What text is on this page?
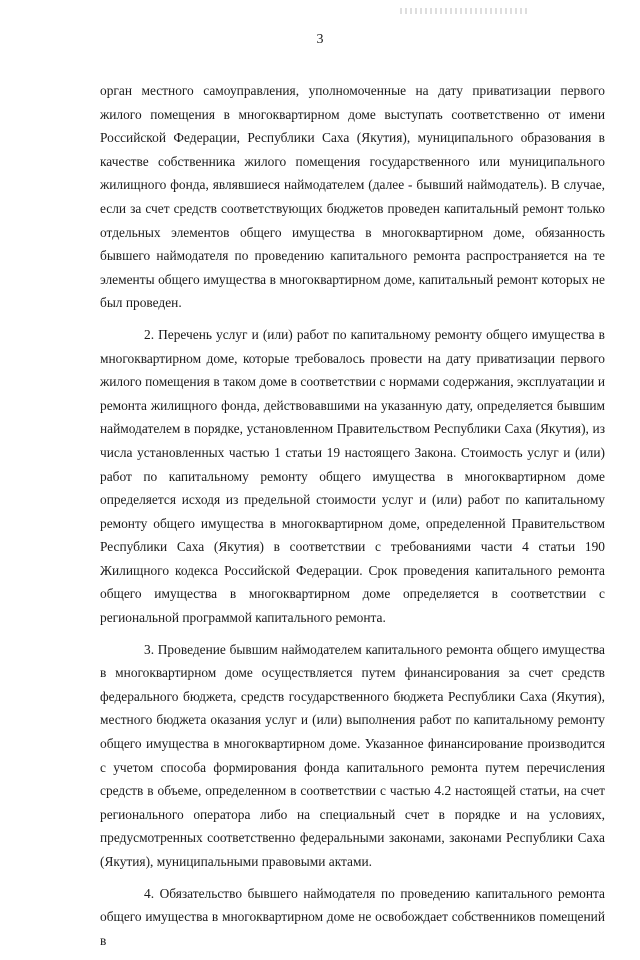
3

орган местного самоуправления, уполномоченные на дату приватизации первого жилого помещения в многоквартирном доме выступать соответственно от имени Российской Федерации, Республики Саха (Якутия), муниципального образования в качестве собственника жилого помещения государственного или муниципального жилищного фонда, являвшиеся наймодателем (далее - бывший наймодатель). В случае, если за счет средств соответствующих бюджетов проведен капитальный ремонт только отдельных элементов общего имущества в многоквартирном доме, обязанность бывшего наймодателя по проведению капитального ремонта распространяется на те элементы общего имущества в многоквартирном доме, капитальный ремонт которых не был проведен.

2. Перечень услуг и (или) работ по капитальному ремонту общего имущества в многоквартирном доме, которые требовалось провести на дату приватизации первого жилого помещения в таком доме в соответствии с нормами содержания, эксплуатации и ремонта жилищного фонда, действовавшими на указанную дату, определяется бывшим наймодателем в порядке, установленном Правительством Республики Саха (Якутия), из числа установленных частью 1 статьи 19 настоящего Закона. Стоимость услуг и (или) работ по капитальному ремонту общего имущества в многоквартирном доме определяется исходя из предельной стоимости услуг и (или) работ по капитальному ремонту общего имущества в многоквартирном доме, определенной Правительством Республики Саха (Якутия) в соответствии с требованиями части 4 статьи 190 Жилищного кодекса Российской Федерации. Срок проведения капитального ремонта общего имущества в многоквартирном доме определяется в соответствии с региональной программой капитального ремонта.

3. Проведение бывшим наймодателем капитального ремонта общего имущества в многоквартирном доме осуществляется путем финансирования за счет средств федерального бюджета, средств государственного бюджета Республики Саха (Якутия), местного бюджета оказания услуг и (или) выполнения работ по капитальному ремонту общего имущества в многоквартирном доме. Указанное финансирование производится с учетом способа формирования фонда капитального ремонта путем перечисления средств в объеме, определенном в соответствии с частью 4.2 настоящей статьи, на счет регионального оператора либо на специальный счет в порядке и на условиях, предусмотренных соответственно федеральными законами, законами Республики Саха (Якутия), муниципальными правовыми актами.

4. Обязательство бывшего наймодателя по проведению капитального ремонта общего имущества в многоквартирном доме не освобождает собственников помещений в
